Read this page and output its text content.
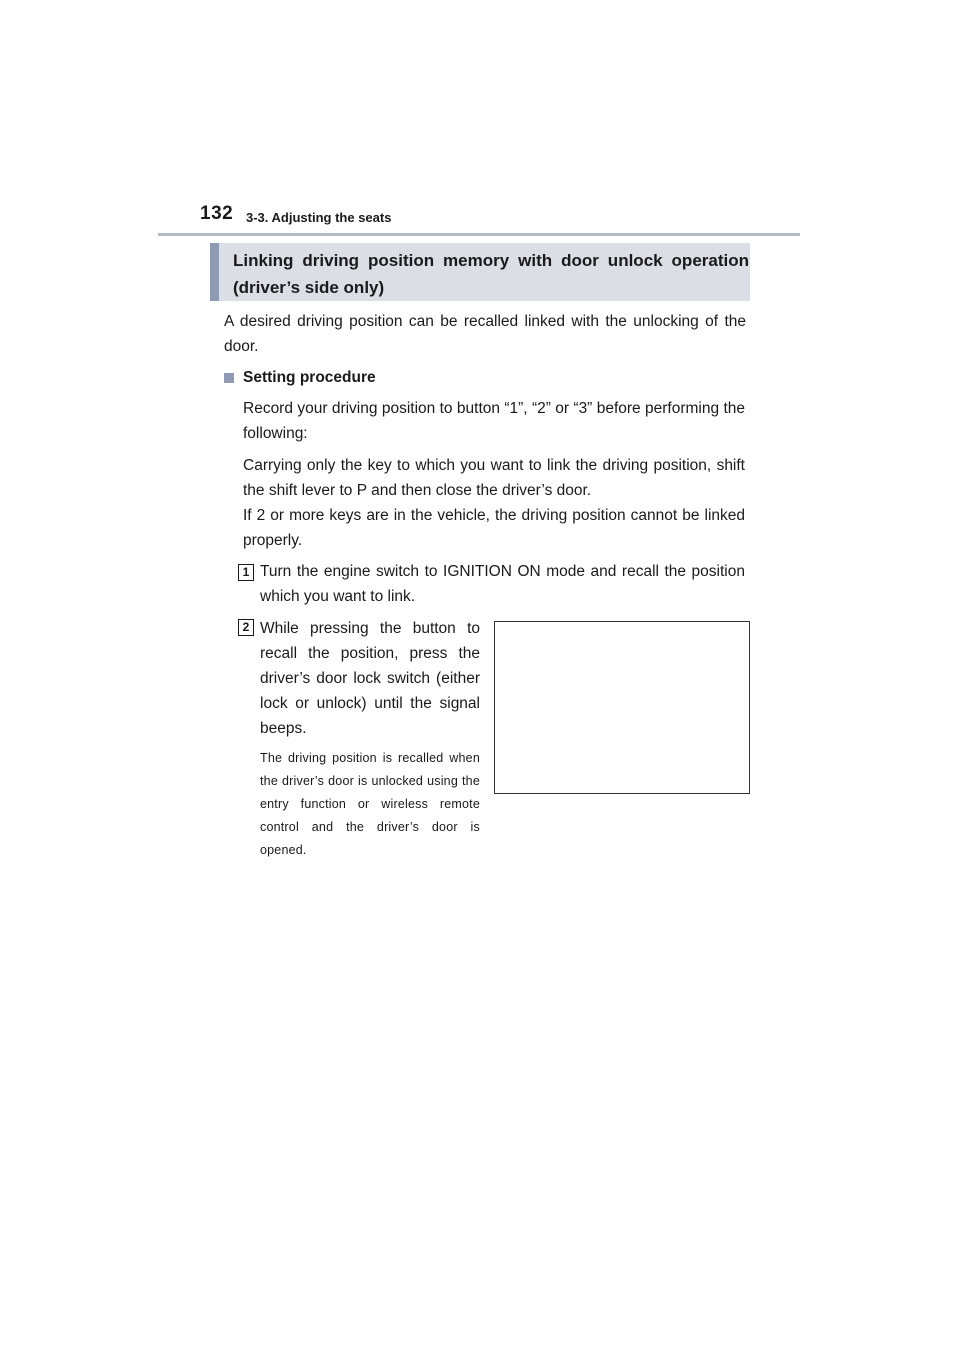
132 3-3. Adjusting the seats
Linking driving position memory with door unlock operation (driver’s side only)
A desired driving position can be recalled linked with the unlocking of the door.
Setting procedure
Record your driving position to button “1”, “2” or “3” before performing the following:
Carrying only the key to which you want to link the driving position, shift the shift lever to P and then close the driver’s door.
If 2 or more keys are in the vehicle, the driving position cannot be linked properly.
1 Turn the engine switch to IGNITION ON mode and recall the position which you want to link.
2 While pressing the button to recall the position, press the driver’s door lock switch (either lock or unlock) until the signal beeps.
The driving position is recalled when the driver’s door is unlocked using the entry function or wireless remote control and the driver’s door is opened.
